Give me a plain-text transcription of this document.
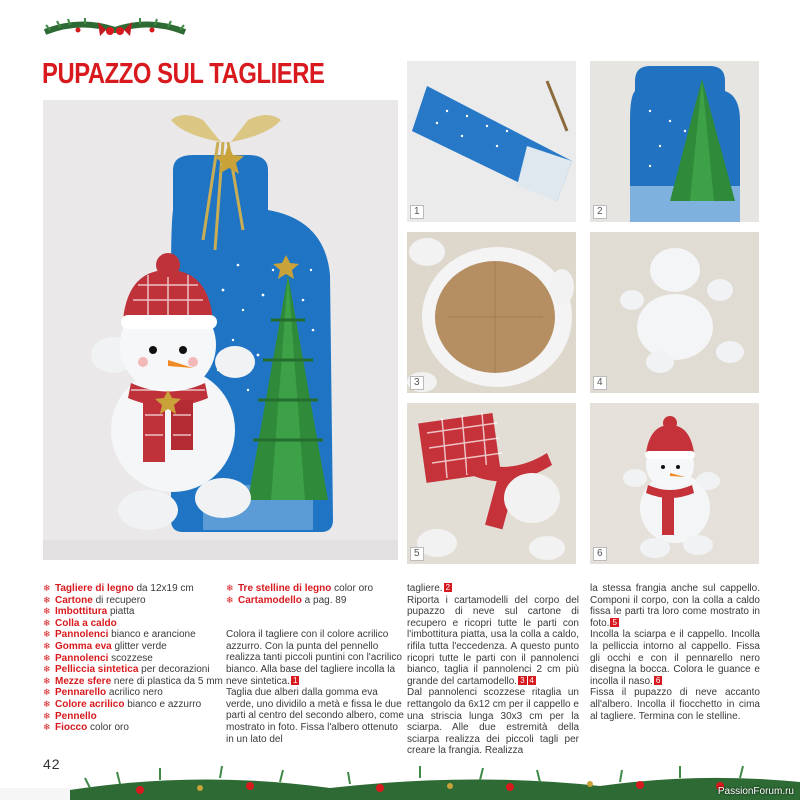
PUPAZZO SUL TAGLIERE
1	2
3	4
5	6
❄ Tagliere di legno da 12x19 cm
❄ Cartone di recupero
❄ Imbottitura piatta
❄ Colla a caldo
❄ Pannolenci bianco e arancione
❄ Gomma eva glitter verde
❄ Pannolenci scozzese
❄ Pelliccia sintetica per decorazioni
❄ Mezze sfere nere di plastica da 5 mm
❄ Pennarello acrilico nero
❄ Colore acrilico bianco e azzurro
❄ Pennello
❄ Fiocco color oro
❄ Tre stelline di legno color oro
❄ Cartamodello a pag. 89

Colora il tagliere con il colore acrilico azzurro. Con la punta del pennello realizza tanti piccoli puntini con l'acrilico bianco. Alla base del tagliere incolla la neve sintetica. 1

Taglia due alberi dalla gomma eva verde, uno dividilo a metà e fissa le due parti al centro del secondo albero, come mostrato in foto. Fissa l'albero ottenuto in un lato del

tagliere. 2

Riporta i cartamodelli del corpo del pupazzo di neve sul cartone di recupero e ricopri tutte le parti con l'imbottitura piatta, usa la colla a caldo, rifila tutta l'eccedenza. A questo punto ricopri tutte le parti con il pannolenci bianco, taglia il pannolenci 2 cm più grande del cartamodello. 3 4

Dal pannolenci scozzese ritaglia un rettangolo da 6x12 cm per il cappello e una striscia lunga 30x3 cm per la sciarpa. Alle due estremità della sciarpa realizza dei piccoli tagli per creare la frangia. Realizza

la stessa frangia anche sul cappello. Componi il corpo, con la colla a caldo fissa le parti tra loro come mostrato in foto. 5

Incolla la sciarpa e il cappello. Incolla la pelliccia intorno al cappello. Fissa gli occhi e con il pennarello nero disegna la bocca. Colora le guance e incolla il naso. 6

Fissa il pupazzo di neve accanto all'albero. Incolla il fiocchetto in cima al tagliere. Termina con le stelline.

42
PassionForum.ru
